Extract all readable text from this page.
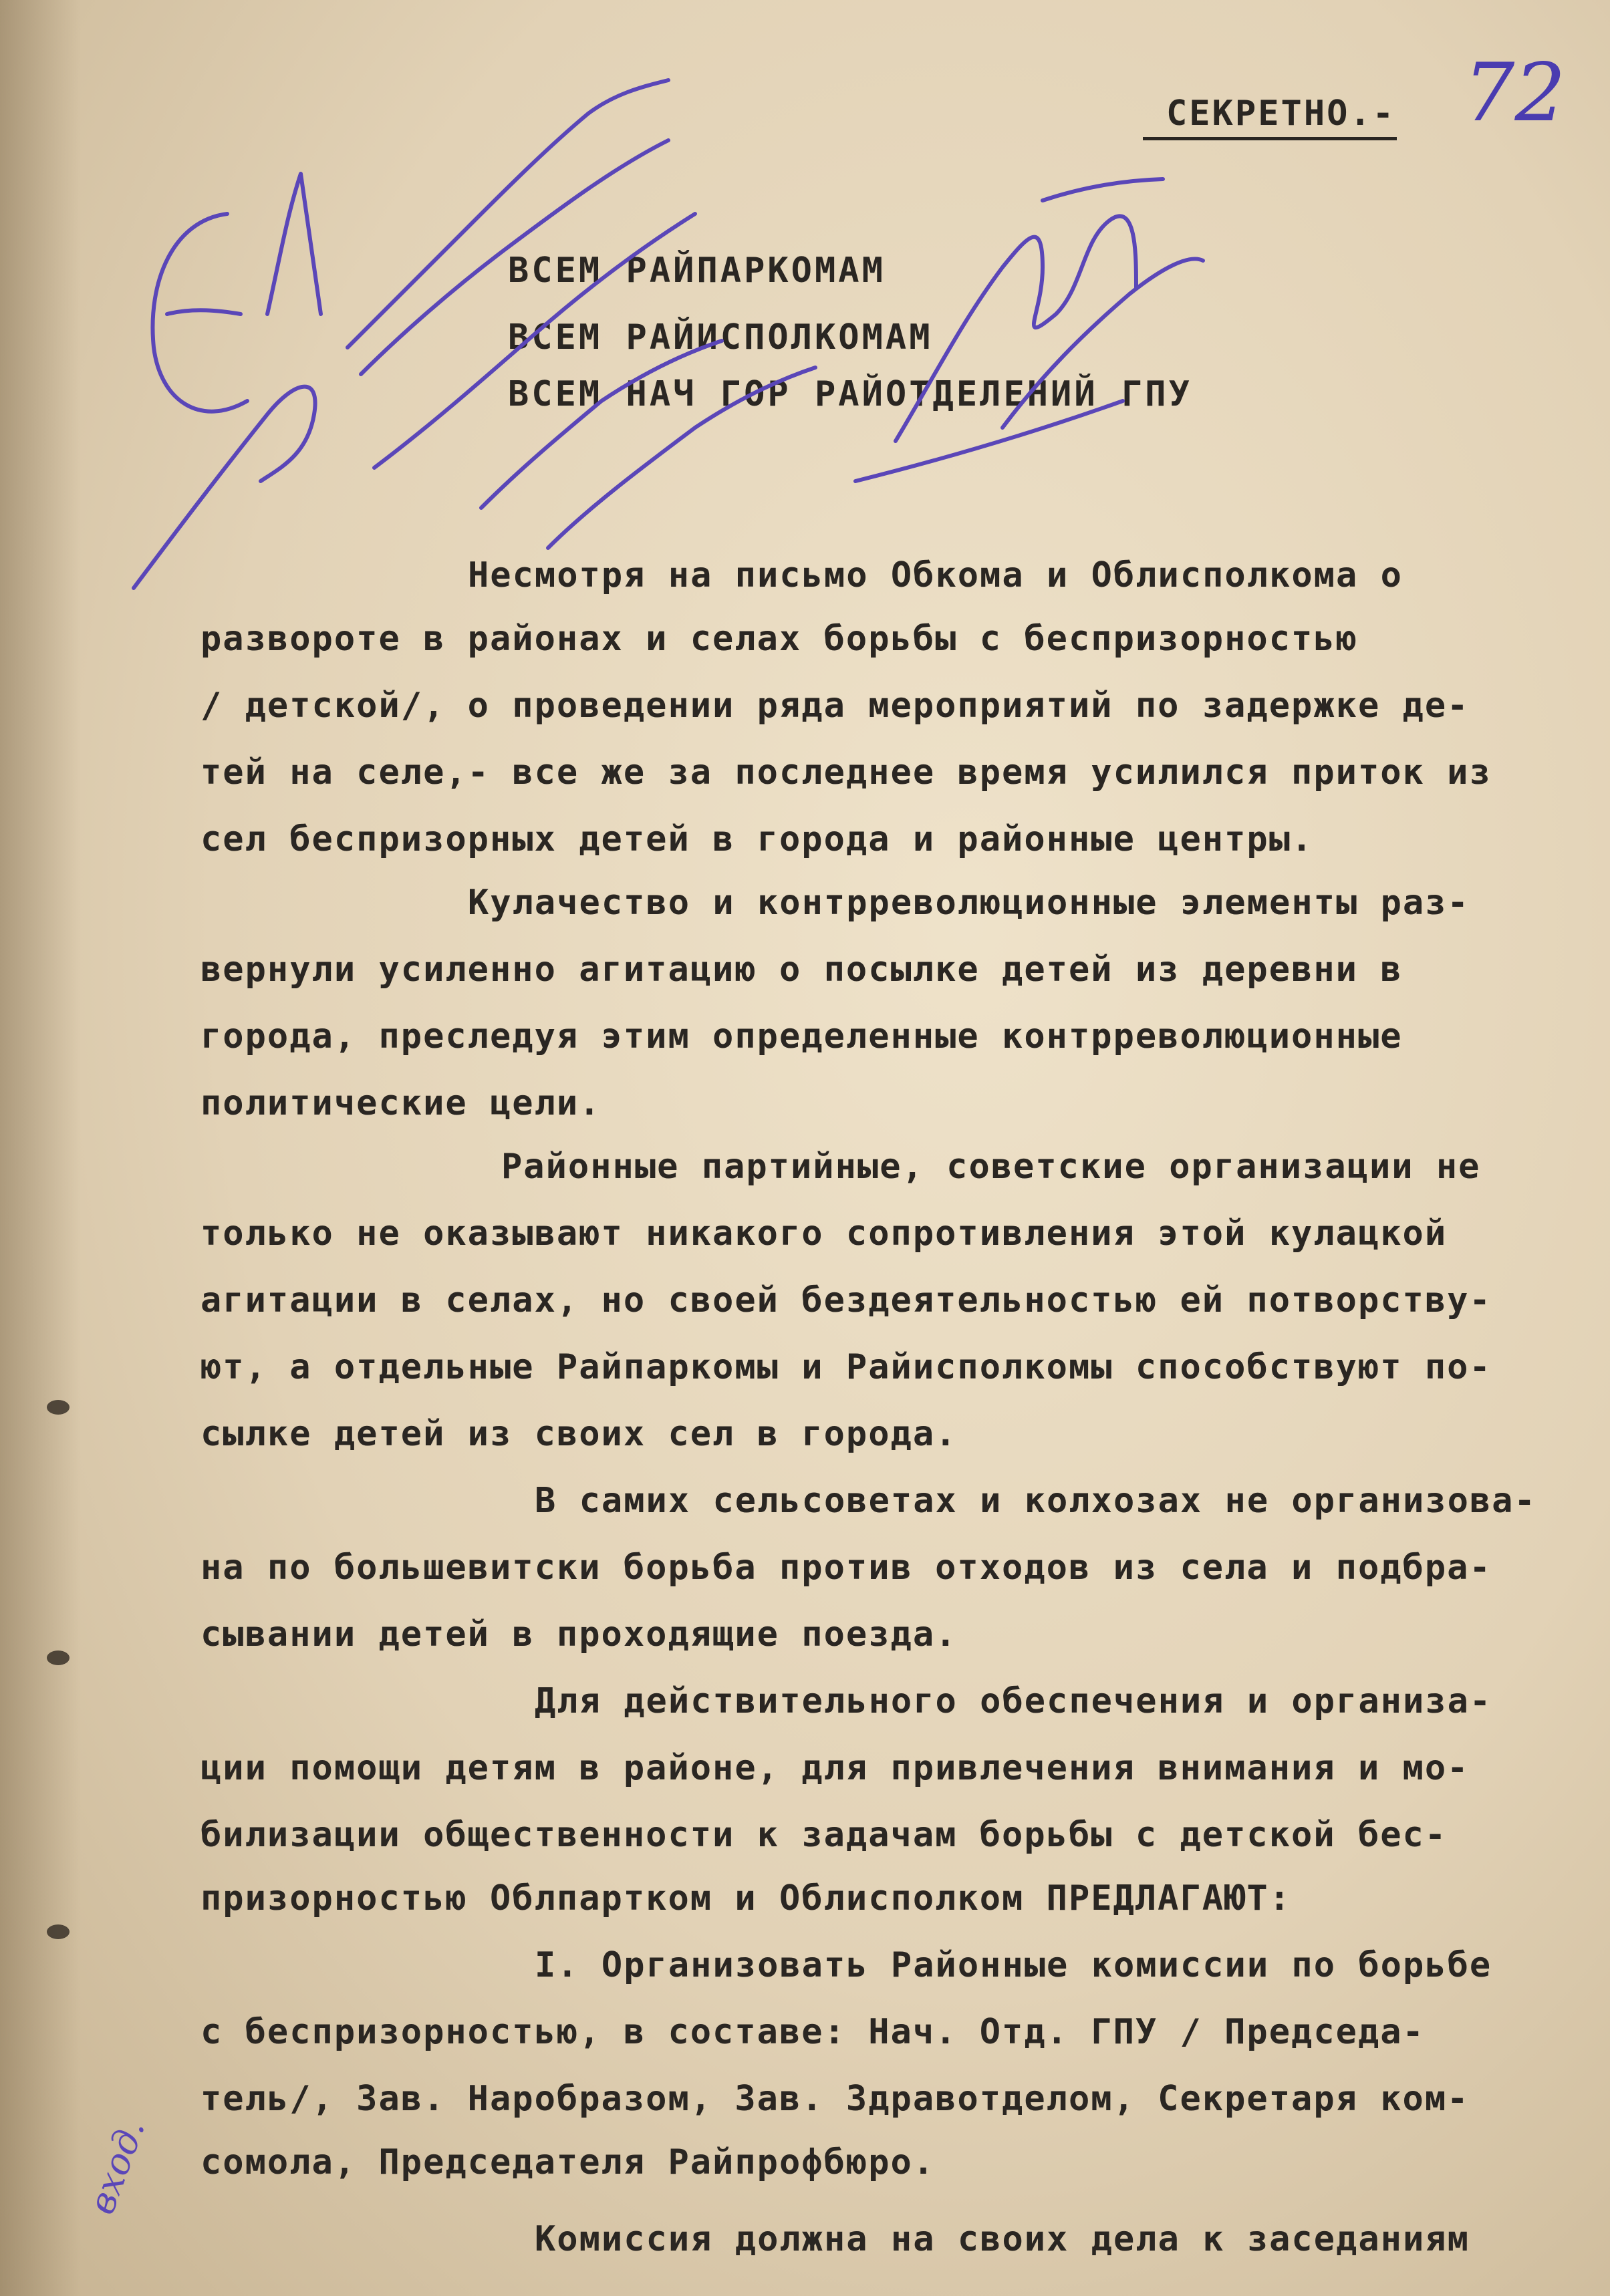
СЕКРЕТНО.- 72
ВСЕМ РАЙПАРКОМАМ
ВСЕМ РАЙИСПОЛКОМАМ
ВСЕМ НАЧ ГОР РАЙОТДЕЛЕНИЙ ГПУ
вход.
Несмотря на письмо Обкома и Облисполкома о
развороте в районах и селах борьбы с беспризорностью
/ детской/, о проведении ряда мероприятий по задержке де-
тей на селе,- все же за последнее время усилился приток из
сел беспризорных детей в города и районные центры.
Кулачество и контрреволюционные элементы раз-
вернули усиленно агитацию о посылке детей из деревни в
города, преследуя этим определенные контрреволюционные
политические цели.
Районные партийные, советские организации не
только не оказывают никакого сопротивления этой кулацкой
агитации в селах, но своей бездеятельностью ей потворству-
ют, а отдельные Райпаркомы и Райисполкомы способствуют по-
сылке детей из своих сел в города.
В самих сельсоветах и колхозах не организова-
на по большевитски борьба против отходов из села и подбра-
сывании детей в проходящие поезда.
Для действительного обеспечения и организа-
ции помощи детям в районе, для привлечения внимания и мо-
билизации общественности к задачам борьбы с детской бес-
призорностью Облпартком и Облисполком ПРЕДЛАГАЮТ:
I. Организовать Районные комиссии по борьбе
с беспризорностью, в составе: Нач. Отд. ГПУ / Председа-
тель/, Зав. Наробразом, Зав. Здравотделом, Секретаря ком-
сомола, Председателя Райпрофбюро.
Комиссия должна на своих дела к заседаниям
